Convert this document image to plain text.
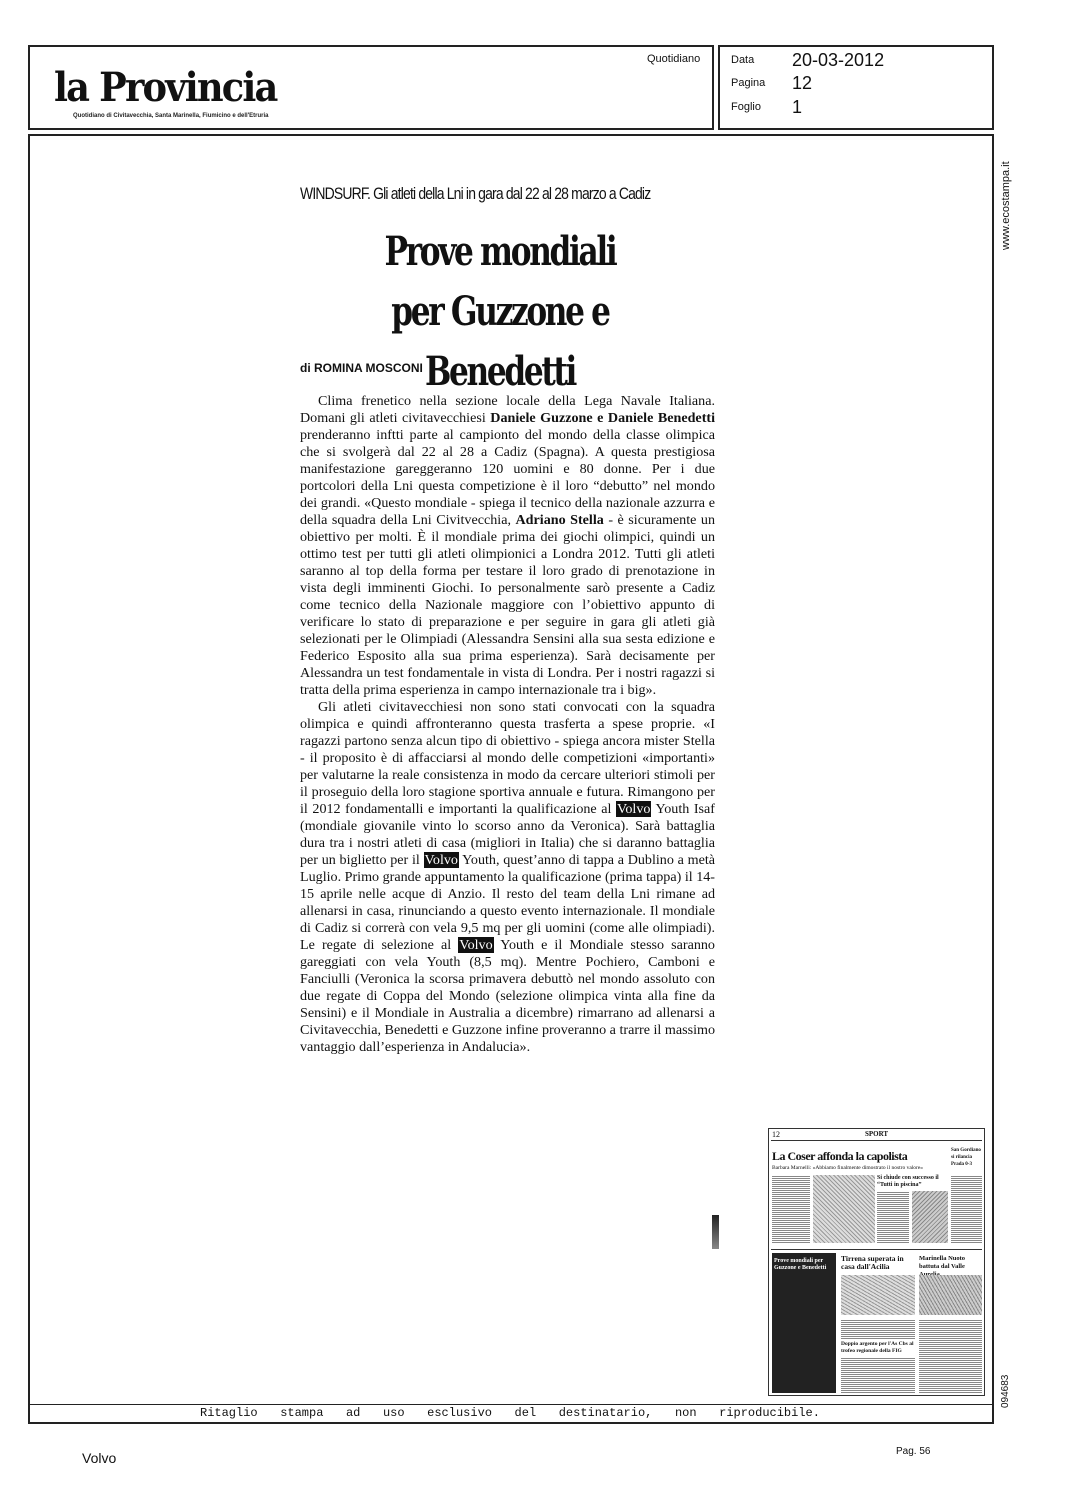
la Provincia
Quotidiano di Civitavecchia, Santa Marinella, Fiumicino e dell'Etruria
Quotidiano	Data 20-03-2012
Pagina 12
Foglio 1
www.ecostampa.it
094683
WINDSURF. Gli atleti della Lni in gara dal 22 al 28 marzo a Cadiz
Prove mondiali
per Guzzone e Benedetti
di ROMINA MOSCONI

Clima frenetico nella sezione locale della Lega Navale Italiana. Domani gli atleti civitavecchiesi Daniele Guzzone e Daniele Benedetti prenderanno inftti parte al campionto del mondo della classe olimpica che si svolgerà dal 22 al 28 a Cadiz (Spagna). A questa prestigiosa manifestazione gareggeranno 120 uomini e 80 donne. Per i due portcolori della Lni questa competizione è il loro “debutto” nel mondo dei grandi. «Questo mondiale - spiega il tecnico della nazionale azzurra e della squadra della Lni Civitvecchia, Adriano Stella - è sicuramente un obiettivo per molti. È il mondiale prima dei giochi olimpici, quindi un ottimo test per tutti gli atleti olimpionici a Londra 2012. Tutti gli atleti saranno al top della forma per testare il loro grado di prenotazione in vista degli imminenti Giochi. Io personalmente sarò presente a Cadiz come tecnico della Nazionale maggiore con l’obiettivo appunto di verificare lo stato di preparazione e per seguire in gara gli atleti già selezionati per le Olimpiadi (Alessandra Sensini alla sua sesta edizione e Federico Esposito alla sua prima esperienza). Sarà decisamente per Alessandra un test fondamentale in vista di Londra. Per i nostri ragazzi si tratta della prima esperienza in campo internazionale tra i big».

Gli atleti civitavecchiesi non sono stati convocati con la squadra olimpica e quindi affronteranno questa trasferta a spese proprie. «I ragazzi partono senza alcun tipo di obiettivo - spiega ancora mister Stella - il proposito è di affacciarsi al mondo delle competizioni «importanti» per valutarne la reale consistenza in modo da cercare ulteriori stimoli per il proseguio della loro stagione sportiva annuale e futura. Rimangono per il 2012 fondamentalli e importanti la qualificazione al Volvo Youth Isaf (mondiale giovanile vinto lo scorso anno da Veronica). Sarà battaglia dura tra i nostri atleti di casa (migliori in Italia) che si daranno battaglia per un biglietto per il Volvo Youth, quest’anno di tappa a Dublino a metà Luglio. Primo grande appuntamento la qualificazione (prima tappa) il 14-15 aprile nelle acque di Anzio. Il resto del team della Lni rimane ad allenarsi in casa, rinunciando a questo evento internazionale. Il mondiale di Cadiz si correrà con vela 9,5 mq per gli uomini (come alle olimpiadi). Le regate di selezione al Volvo Youth e il Mondiale stesso saranno gareggiati con vela Youth (8,5 mq). Mentre Pochiero, Camboni e Fanciulli (Veronica la scorsa primavera debuttò nel mondo assoluto con due regate di Coppa del Mondo (selezione olimpica vinta alla fine da Sensini) e il Mondiale in Australia a dicembre) rimarrano ad allenarsi a Civitavecchia, Benedetti e Guzzone infine proveranno a trarre il massimo vantaggio dall’esperienza in Andalucia».

12	SPORT
La Coser affonda la capolista
Barbara Marnelli: «Abbiamo finalmente dimostrato il nostro valore»
San Gordiano si rilancia Prada 0-3
Si chiude con successo il “Tutti in piscina”
Prove mondiali per Guzzone e Benedetti
Tirrena superata in casa dall'Acilia
Doppio argento per l'As Cbs al trofeo regionale della FIG
Marinella Nuoto battuta dal Valle
Ritaglio stampa ad uso esclusivo del destinatario, non riproducibile.
Volvo	Pag. 56
